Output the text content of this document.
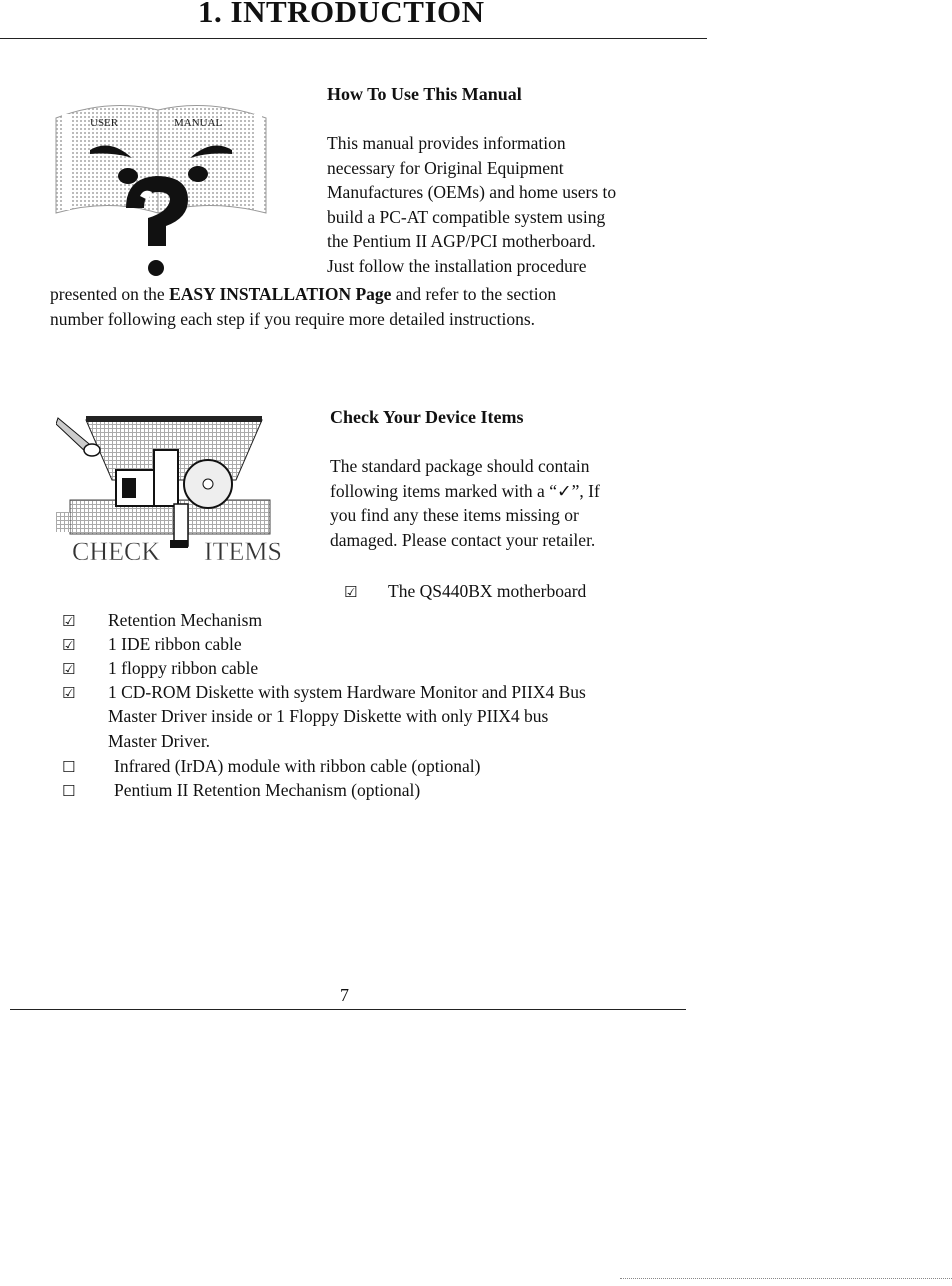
1. INTRODUCTION
USER	MANUAL
How To Use This Manual
This manual provides information
necessary for Original Equipment
Manufactures (OEMs) and home users to
build a PC-AT compatible system using
the Pentium II AGP/PCI motherboard.
Just follow the installation procedure
presented on the EASY INSTALLATION Page and refer to the section
number following each step if you require more detailed instructions.
CHECK ITEMS
Check Your Device Items
The standard package should contain
following items marked with a “✓”, If
you find any these items missing or
damaged. Please contact your retailer.
☑ The QS440BX motherboard
☑ Retention Mechanism
☑ 1 IDE ribbon cable
☑ 1 floppy ribbon cable
☑ 1 CD-ROM Diskette with system Hardware Monitor and PIIX4 Bus
Master Driver inside or 1 Floppy Diskette with only PIIX4 bus
Master Driver.
☐ Infrared (IrDA) module with ribbon cable (optional)
☐ Pentium II Retention Mechanism (optional)
7
